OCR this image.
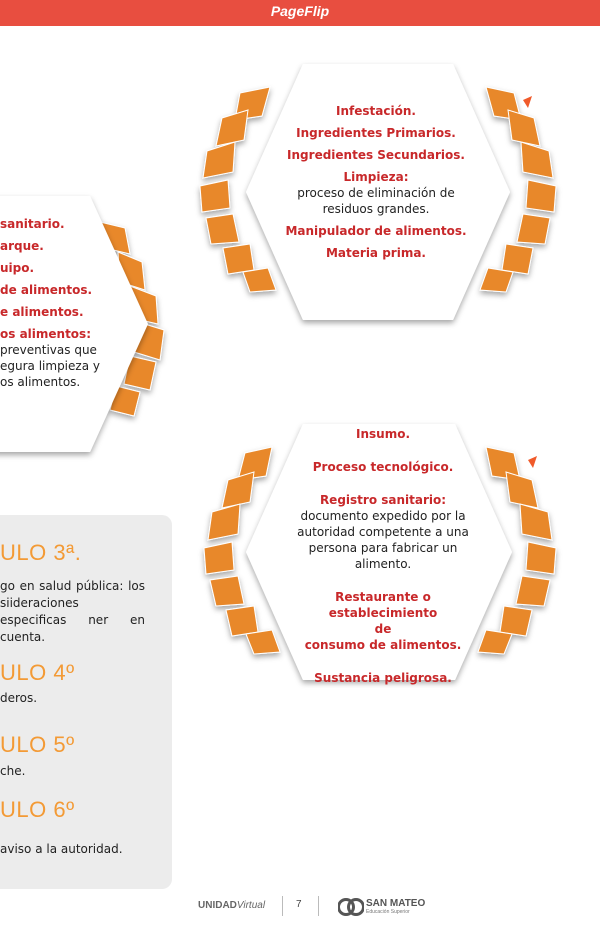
PageFlip
Infestación.
Ingredientes Primarios.
Ingredientes Secundarios.
Limpieza:
proceso de eliminación de residuos grandes.
Manipulador de alimentos.
Materia prima.
sanitario.
arque.
uipo.
de alimentos.
e alimentos.
os alimentos:
preventivas que
egura limpieza y
os alimentos.
Insumo.
Proceso tecnológico.
Registro sanitario:
documento expedido por la autoridad competente a una persona para fabricar un alimento.
Restaurante o establecimiento
de
consumo de alimentos.
Sustancia peligrosa.
ULO 3ª.
go en salud pública: los siideraciones especificas ner en cuenta.
ULO 4º
deros.
ULO 5º
che.
ULO 6º
aviso a la autoridad.
UNIDADVirtual	7	SAN MATEO
Educación Superior
